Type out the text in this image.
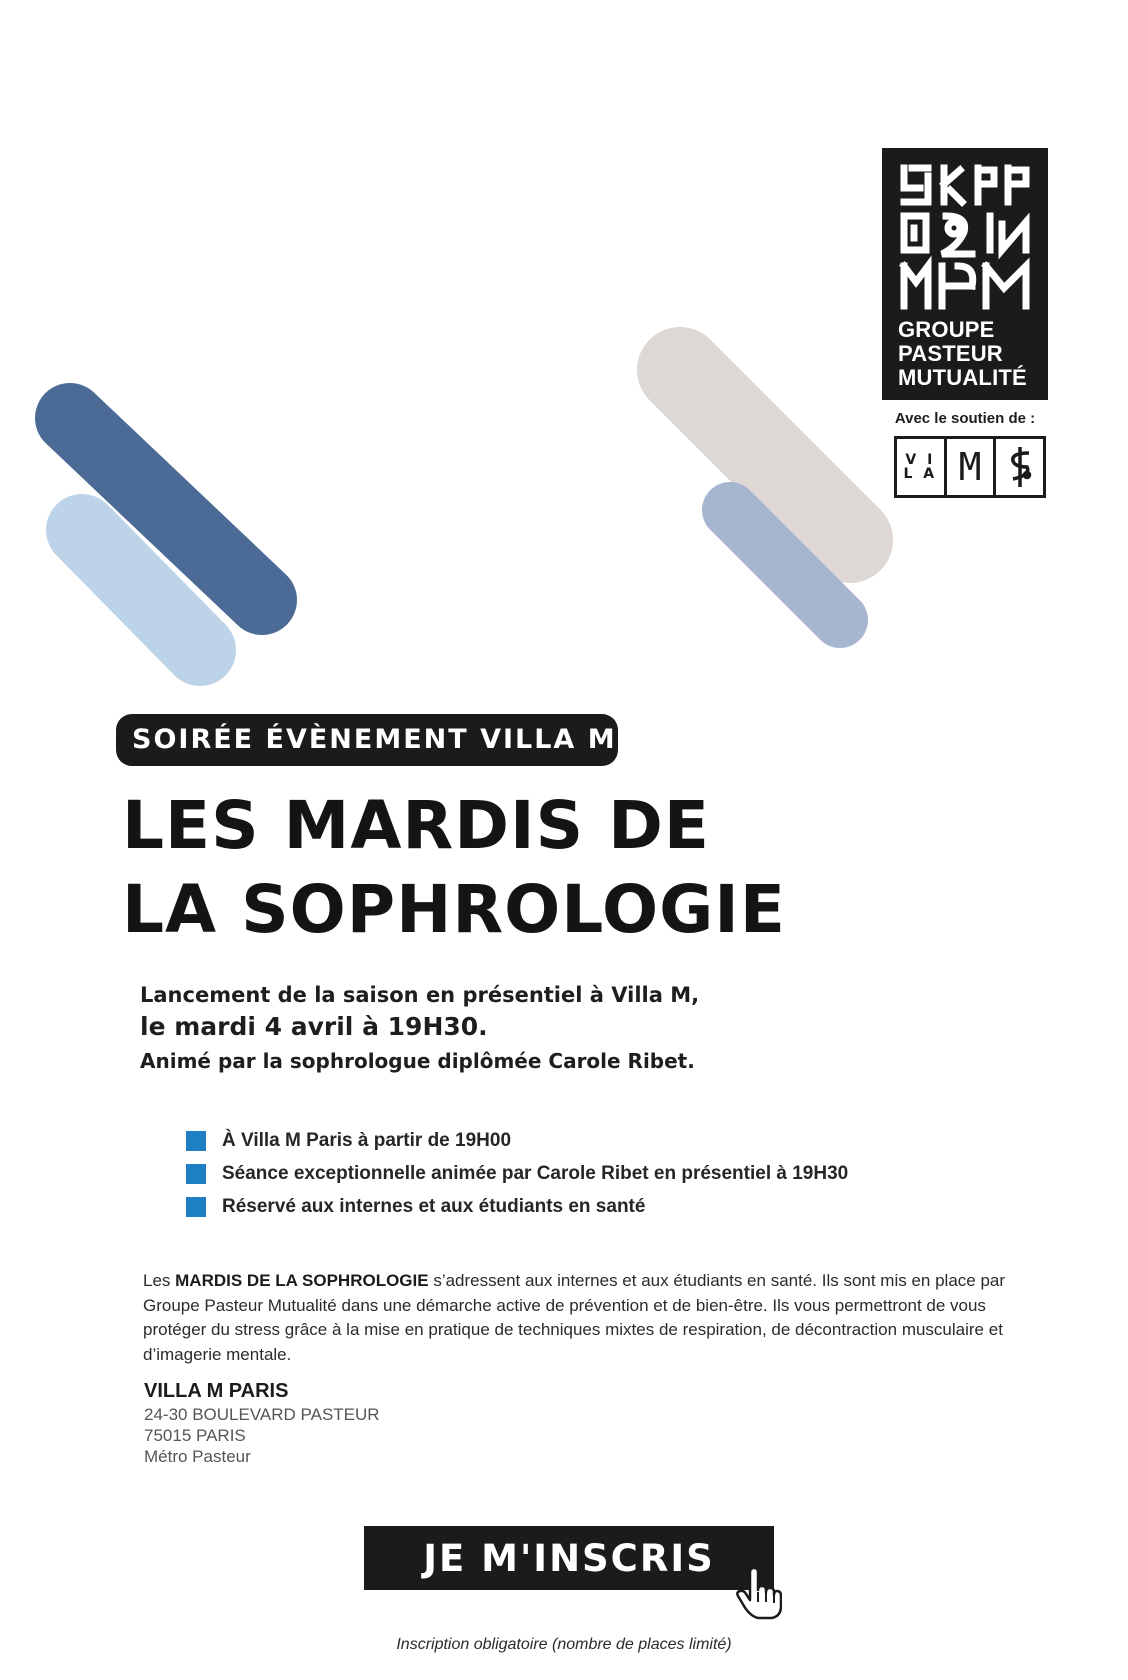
GROUPE
PASTEUR
MUTUALITÉ
Avec le soutien de :
V I
L A M
SOIRÉE ÉVÈNEMENT VILLA M
LES MARDIS DE
LA SOPHROLOGIE
Lancement de la saison en présentiel à Villa M,
le mardi 4 avril à 19H30.
Animé par la sophrologue diplômée Carole Ribet.
À Villa M Paris à partir de 19H00
Séance exceptionnelle animée par Carole Ribet en présentiel à 19H30
Réservé aux internes et aux étudiants en santé

Les MARDIS DE LA SOPHROLOGIE s’adressent aux internes et aux étudiants en santé. Ils sont mis en place par Groupe Pasteur Mutualité dans une démarche active de prévention et de bien-être. Ils vous permettront de vous protéger du stress grâce à la mise en pratique de techniques mixtes de respiration, de décontraction musculaire et d’imagerie mentale.

VILLA M PARIS
24-30 BOULEVARD PASTEUR
75015 PARIS
Métro Pasteur
JE M'INSCRIS
Inscription obligatoire (nombre de places limité)
